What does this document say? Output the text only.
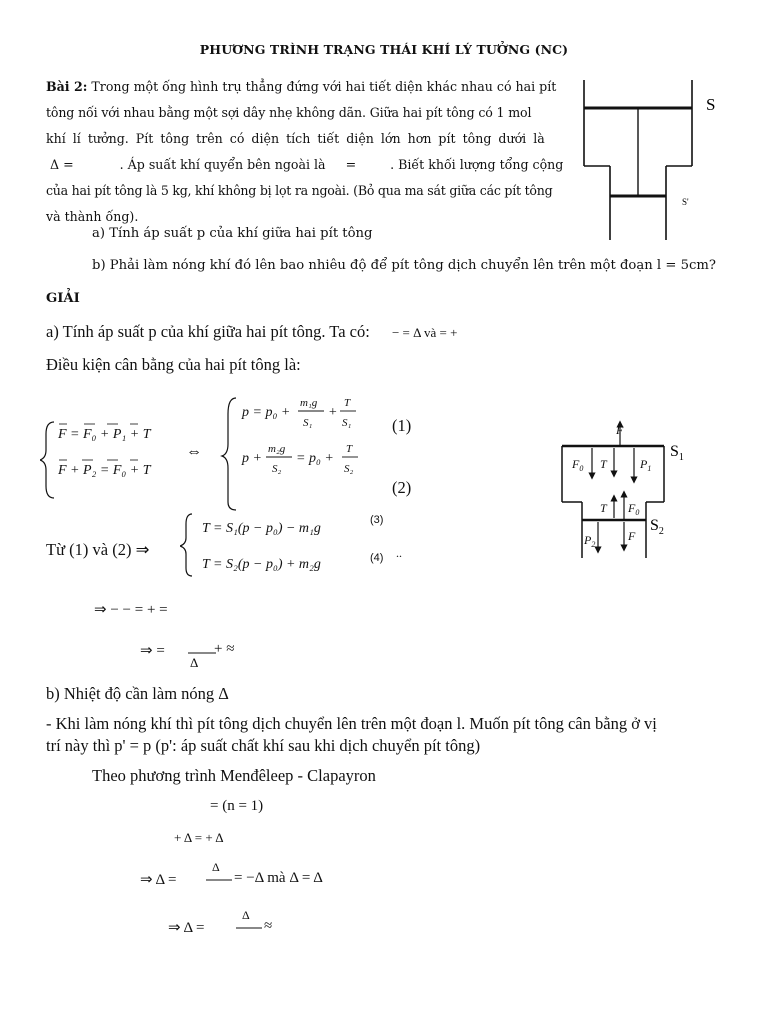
PHƯƠNG TRÌNH TRẠNG THÁI KHÍ LÝ TƯỞNG (NC)

Bài 2: Trong một ống hình trụ thẳng đứng với hai tiết diện khác nhau có hai pít

tông nối với nhau bằng một sợi dây nhẹ không dãn. Giữa hai pít tông có 1 mol

khí lí tưởng. Pít tông trên có diện tích tiết diện lớn hơn pít tông dưới là

Δ =	. Áp suất khí quyển bên ngoài là =	. Biết khối lượng tổng cộng

của hai pít tông là 5 kg, khí không bị lọt ra ngoài. (Bỏ qua ma sát giữa các pít tông

và thành ống).

a) Tính áp suất p của khí giữa hai pít tông
b) Phải làm nóng khí đó lên bao nhiêu độ để pít tông dịch chuyển lên trên một đoạn l = 5cm?
S
S'
GIẢI
a) Tính áp suất p của khí giữa hai pít tông. Ta có: − = Δ và = +
Điều kiện cân bằng của hai pít tông là:
F = F₀ + P₁ + T
F + P₂ = F₀ + T
⇔
p = p₀ +
m₁g
S₁
+
T
S₁
p +
m₂g
S₂
= p₀ +
T
S₂
(1)
(2)
Từ (1) và (2) ⇒
T = S₁(p − p₀) − m₁g
T = S₂(p − p₀) + m₂g
(3)
(4) ..
⇒ − − = + =
⇒ =
Δ
+ ≈
b) Nhiệt độ cần làm nóng Δ
- Khi làm nóng khí thì pít tông dịch chuyển lên trên một đoạn l. Muốn pít tông cân bằng ở vị
trí này thì p' = p (p': áp suất chất khí sau khi dịch chuyển pít tông)
Theo phương trình Menđêleep - Clapayron
= (n = 1)
+ Δ = + Δ
⇒ Δ =
Δ
= −Δ mà Δ = Δ
⇒ Δ =
Δ
≈
F
$F_0$ T	$P_1$
T $F_0$
$P_2$
F
$S_1$
$S_2$
